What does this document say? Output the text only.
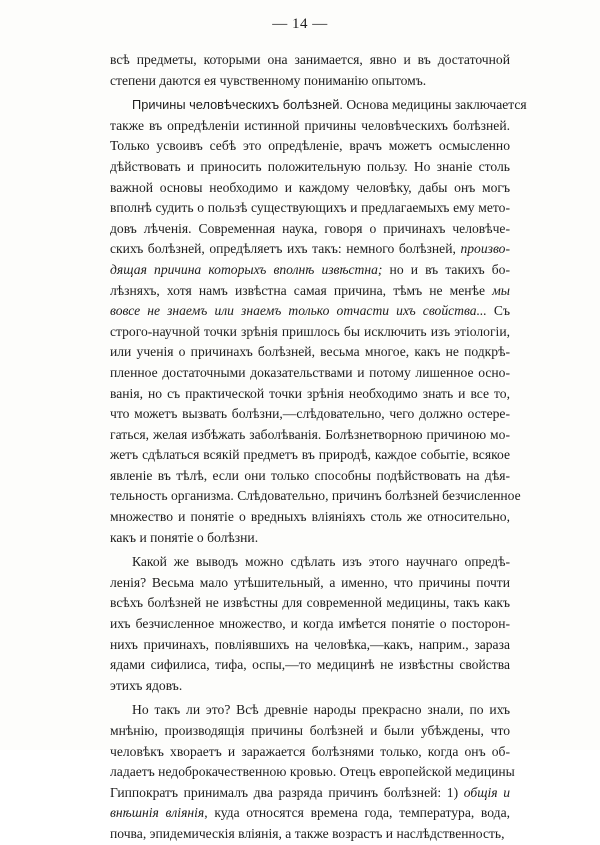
— 14 —
всѣ предметы, которыми она занимается, явно и въ достаточной
степени даются ея чувственному пониманію опытомъ.
Причины человѣческихъ болѣзней. Основа медицины заключается
также въ опредѣленіи истинной причины человѣческихъ болѣзней.
Только усвоивъ себѣ это опредѣленіе, врачъ можетъ осмысленно
дѣйствовать и приносить положительную пользу. Но знаніе столь
важной основы необходимо и каждому человѣку, дабы онъ могъ
вполнѣ судить о пользѣ существующихъ и предлагаемыхъ ему мето-
довъ лѣченія. Современная наука, говоря о причинахъ человѣче-
скихъ болѣзней, опредѣляетъ ихъ такъ: немного болѣзней, произво-
дящая причина которыхъ вполнѣ извѣстна; но и въ такихъ бо-
лѣзняхъ, хотя намъ извѣстна самая причина, тѣмъ не менѣе мы
вовсе не знаемъ или знаемъ только отчасти ихъ свойства... Съ
строго-научной точки зрѣнія пришлось бы исключить изъ этіологіи,
или ученія о причинахъ болѣзней, весьма многое, какъ не подкрѣ-
пленное достаточными доказательствами и потому лишенное осно-
ванія, но съ практической точки зрѣнія необходимо знать и все то,
что можетъ вызвать болѣзни,—слѣдовательно, чего должно остере-
гаться, желая избѣжать заболѣванія. Болѣзнетворною причиною мо-
жетъ сдѣлаться всякій предметъ въ природѣ, каждое событіе, всякое
явленіе въ тѣлѣ, если они только способны подѣйствовать на дѣя-
тельность организма. Слѣдовательно, причинъ болѣзней безчисленное
множество и понятіе о вредныхъ вліяніяхъ столь же относительно,
какъ и понятіе о болѣзни.
Какой же выводъ можно сдѣлать изъ этого научнаго опредѣ-
ленія? Весьма мало утѣшительный, а именно, что причины почти
всѣхъ болѣзней не извѣстны для современной медицины, такъ какъ
ихъ безчисленное множество, и когда имѣется понятіе о посторон-
нихъ причинахъ, повліявшихъ на человѣка,—какъ, наприм., зараза
ядами сифилиса, тифа, оспы,—то медицинѣ не извѣстны свойства
этихъ ядовъ.
Но такъ ли это? Всѣ древніе народы прекрасно знали, по ихъ
мнѣнію, производящія причины болѣзней и были убѣждены, что
человѣкъ хвораетъ и заражается болѣзнями только, когда онъ об-
ладаетъ недоброкачественною кровью. Отецъ европейской медицины
Гиппократъ принималъ два разряда причинъ болѣзней: 1) общія и
внѣшнія вліянія, куда относятся времена года, температура, вода,
почва, эпидемическія вліянія, а также возрастъ и наслѣдственность,
